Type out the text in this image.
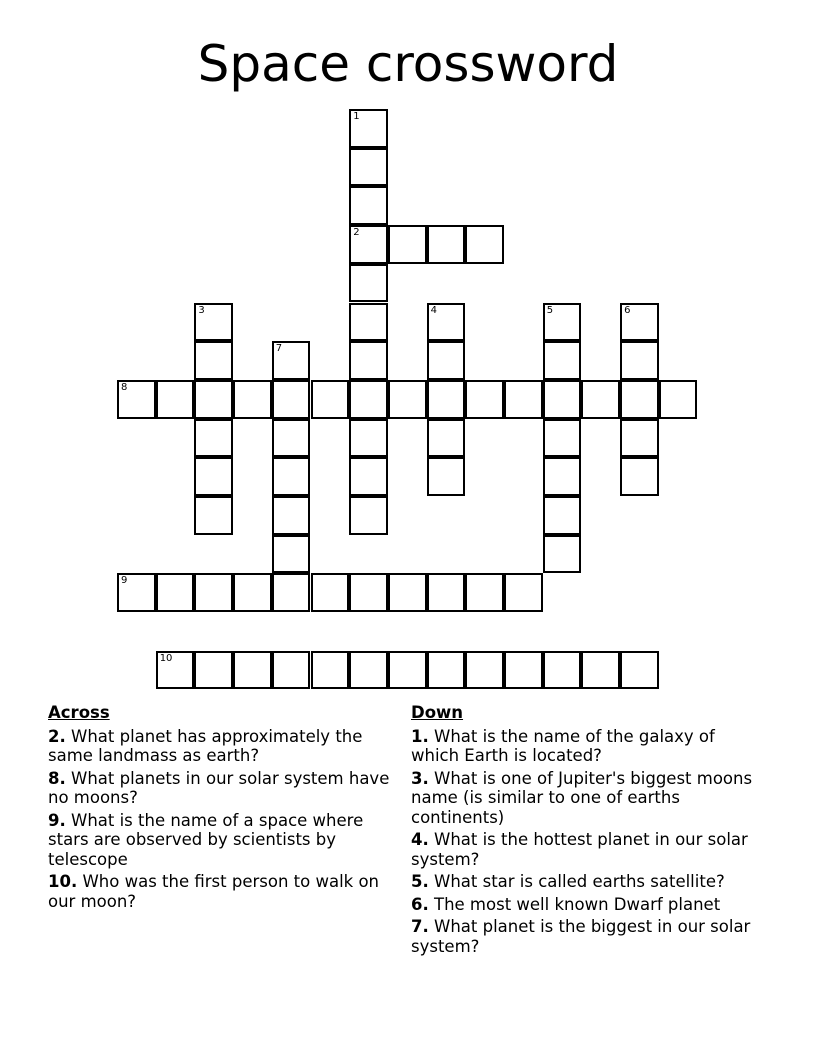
Space crossword
1
2
3	4	5	6
7
8
9
10
Across
2. What planet has approximately the same landmass as earth?
8. What planets in our solar system have no moons?
9. What is the name of a space where stars are observed by scientists by telescope
10. Who was the first person to walk on our moon?
Down
1. What is the name of the galaxy of which Earth is located?
3. What is one of Jupiter's biggest moons name (is similar to one of earths continents)
4. What is the hottest planet in our solar system?
5. What star is called earths satellite?
6. The most well known Dwarf planet
7. What planet is the biggest in our solar system?
